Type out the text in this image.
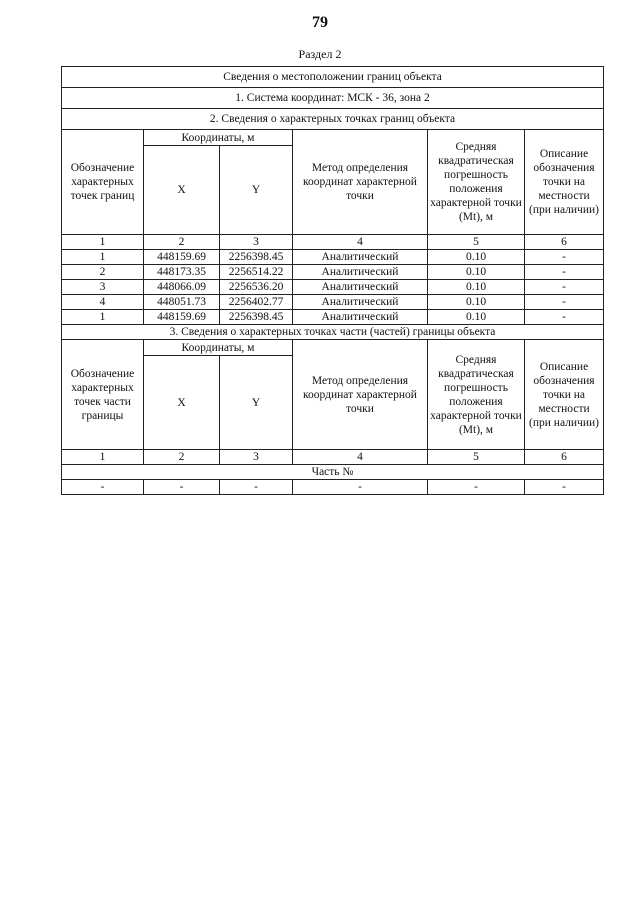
79
Раздел 2
Сведения о местоположении границ объекта					
1. Система координат: МСК - 36, зона 2					
2. Сведения о характерных точках границ объекта					
Обозначение характерных точек границ	Координаты, м		Метод определения координат характерной точки	Средняя квадратическая погрешность положения характерной точки (Mt), м	Описание обозначения точки на местности (при наличии)
	X	Y			
1	2	3	4	5	6
1	448159.69	2256398.45	Аналитический	0.10	-
2	448173.35	2256514.22	Аналитический	0.10	-
3	448066.09	2256536.20	Аналитический	0.10	-
4	448051.73	2256402.77	Аналитический	0.10	-
1	448159.69	2256398.45	Аналитический	0.10	-
3. Сведения о характерных точках части (частей) границы объекта					
Обозначение характерных точек части границы	Координаты, м		Метод определения координат характерной точки	Средняя квадратическая погрешность положения характерной точки (Mt), м	Описание обозначения точки на местности (при наличии)
	X	Y			
1	2	3	4	5	6
Часть №					
-	-	-	-	-	-
